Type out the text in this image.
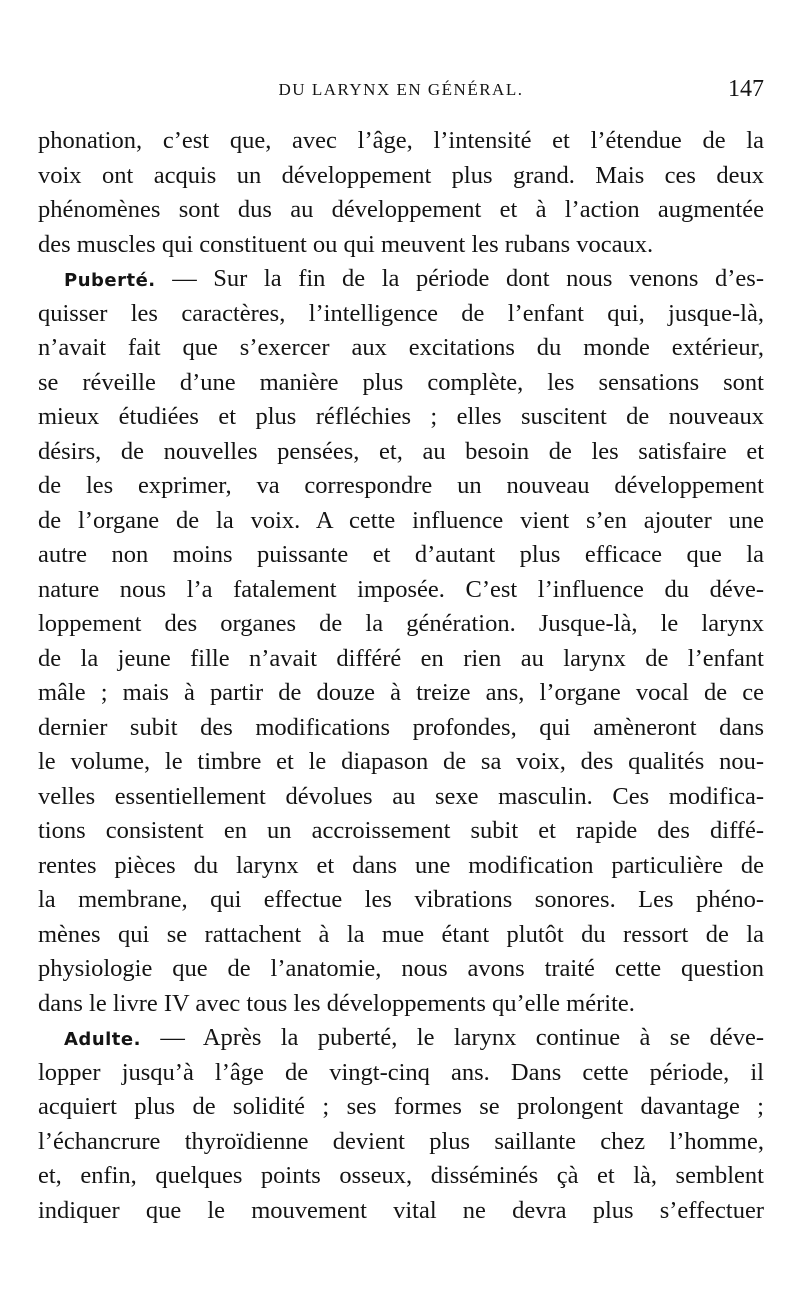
DU LARYNX EN GÉNÉRAL.	147
phonation, c’est que, avec l’âge, l’intensité et l’étendue de la
voix ont acquis un développement plus grand. Mais ces deux
phénomènes sont dus au développement et à l’action augmentée
des muscles qui constituent ou qui meuvent les rubans vocaux.
Puberté. — Sur la fin de la période dont nous venons d’es-
quisser les caractères, l’intelligence de l’enfant qui, jusque-là,
n’avait fait que s’exercer aux excitations du monde extérieur,
se réveille d’une manière plus complète, les sensations sont
mieux étudiées et plus réfléchies ; elles suscitent de nouveaux
désirs, de nouvelles pensées, et, au besoin de les satisfaire et
de les exprimer, va correspondre un nouveau développement
de l’organe de la voix. A cette influence vient s’en ajouter une
autre non moins puissante et d’autant plus efficace que la
nature nous l’a fatalement imposée. C’est l’influence du déve-
loppement des organes de la génération. Jusque-là, le larynx
de la jeune fille n’avait différé en rien au larynx de l’enfant
mâle ; mais à partir de douze à treize ans, l’organe vocal de ce
dernier subit des modifications profondes, qui amèneront dans
le volume, le timbre et le diapason de sa voix, des qualités nou-
velles essentiellement dévolues au sexe masculin. Ces modifica-
tions consistent en un accroissement subit et rapide des diffé-
rentes pièces du larynx et dans une modification particulière de
la membrane, qui effectue les vibrations sonores. Les phéno-
mènes qui se rattachent à la mue étant plutôt du ressort de la
physiologie que de l’anatomie, nous avons traité cette question
dans le livre IV avec tous les développements qu’elle mérite.
Adulte. — Après la puberté, le larynx continue à se déve-
lopper jusqu’à l’âge de vingt-cinq ans. Dans cette période, il
acquiert plus de solidité ; ses formes se prolongent davantage ;
l’échancrure thyroïdienne devient plus saillante chez l’homme,
et, enfin, quelques points osseux, disséminés çà et là, semblent
indiquer que le mouvement vital ne devra plus s’effectuer
